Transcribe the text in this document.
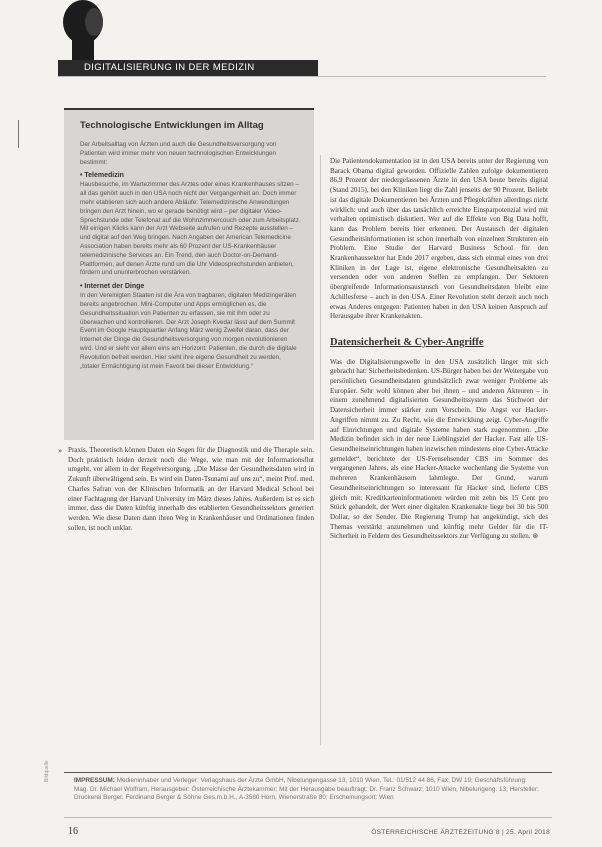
DIGITALISIERUNG IN DER MEDIZIN
Technologische Entwicklungen im Alltag

Der Arbeitsalltag von Ärzten und auch die Gesundheitsversorgung von Patienten wird immer mehr von neuen technologischen Entwicklungen bestimmt:

• Telemedizin

Hausbesuche, im Wartezimmer des Arztes oder eines Krankenhauses sitzen – all das gehört auch in den USA noch nicht der Vergangenheit an. Doch immer mehr etablieren sich auch andere Abläufe: Telemedizinische Anwendungen bringen den Arzt hinein, wo er gerade benötigt wird – per digitaler Video-Sprechstunde oder Telefonat auf die Wohnzimmercouch oder zum Arbeitsplatz. Mit einigen Klicks kann der Arzt Webseite aufrufen und Rezepte ausstellen – und digital auf den Weg bringen. Nach Angaben der American Telemedicine Association haben bereits mehr als 60 Prozent der US-Krankenhäuser telemedizinische Services an. Ein Trend, den auch Doctor-on-Demand-Plattformen, auf denen Ärzte rund um die Uhr Videosprechstunden anbieten, fördern und ununterbrochen verstärken.

• Internet der Dinge

In den Vereinigten Staaten ist die Ära von tragbaren, digitalen Medizingeräten bereits angebrochen. Mini-Computer und Apps ermöglichen es, die Gesundheitssituation von Patienten zu erfassen, sie mit ihm oder zu überwachen und kontrollieren. Der Arzt Joseph Kvedar lässt auf dem Summit Event im Google Hauptquartier Anfang März wenig Zweifel daran, dass der Internet der Dinge die Gesundheitsversorgung von morgen revolutionieren wird. Und er sieht vor allem eins am Horizont: Patienten, die durch die digitale Revolution befreit werden. Hier sieht ihre eigene Gesundheit zu werden, „totaler Ermächtigung ist mein Favorit bei dieser Entwicklung.“

» Praxis. Theoretisch können Daten ein Segen für die Diagnostik und die Therapie sein. Doch praktisch leiden derzeit noch die Wege, wie man mit der Informationsflut umgeht, vor allem in der Regelversorgung. „Die Masse der Gesundheitsdaten wird in Zukunft überwältigend sein. Es wird ein Daten-Tsunami auf uns zu“, meint Prof. med. Charles Safran von der Klinischen Informatik an der Harvard Medical School bei einer Fachtagung der Harvard University im März dieses Jahres. Außerdem ist es sich immer, dass die Daten künftig innerhalb des etablierten Gesundheitssektors generiert werden. Wie diese Daten dann ihren Weg in Krankenhäuser und Ordinationen finden sollen, ist noch unklar.

Die Patientendokumentation ist in den USA bereits unter der Regierung von Barack Obama digital geworden. Offizielle Zahlen zufolge dokumentieren 86,9 Prozent der niedergelassenen Ärzte in den USA heute bereits digital (Stand 2015), bei den Kliniken liegt die Zahl jenseits der 90 Prozent. Beliebt ist das digitale Dokumentieren bei Ärzten und Pflegekräften allerdings nicht wirklich: und auch über das tatsächlich erreichte Einsparpotenzial wird mit verhalten optimistisch diskutiert. Wer auf die Effekte von Big Data hofft, kann das Problem bereits hier erkennen. Der Austausch der digitalen Gesundheitsinformationen ist schon innerhalb von einzelnen Strukturen ein Problem. Eine Studie der Harvard Business School für den Krankenhaussektor hat Ende 2017 ergeben, dass sich einmal eines von drei Kliniken in der Lage ist, eigene elektronische Gesundheitsakten zu versenden oder von anderen Stellen zu empfangen. Der Sektoren übergreifende Informationsaustausch von Gesundheitsdaten bleibt eine Achillesferse – auch in den USA. Einer Revolution steht derzeit auch noch etwas Anderes entgegen: Patienten haben in den USA keinen Anspruch auf Herausgabe ihrer Krankenakten.

Datensicherheit & Cyber-Angriffe

Was die Digitalisierungswelle in den USA zusätzlich länger mit sich gebracht hat: Sicherheitsbedenken. US-Bürger haben bei der Weitergabe von persönlichen Gesundheitsdaten grundsätzlich zwar weniger Probleme als Europäer. Sehr wohl können aber bei ihnen – und anderen Akteuren – in einem zunehmend digitalisierten Gesundheitssystem das Stichwort der Datensicherheit immer stärker zum Vorschein. Die Angst vor Hacker-Angriffen nimmt zu. Zu Recht, wie die Entwicklung zeigt. Cyber-Angriffe auf Einrichtungen und digitale Systeme haben stark zugenommen. „Die Medizin befindet sich in der neue Lieblingsziel der Hacker. Fast alle US-Gesundheitseinrichtungen haben inzwischen mindestens eine Cyber-Attacke gemeldet“, berichtete der US-Fernsehsender CBS im Sommer des vergangenen Jahres, als eine Hacker-Attacke wochenlang die Systeme von mehreren Krankenhäusern lahmlegte. Der Grund, warum Gesundheitseinrichtungen so interessant für Hacker sind, lieferte CBS gleich mit: Kreditkarteninformationen würden mit zehn bis 15 Cent pro Stück gehandelt, der Wert einer digitalen Krankenakte liege bei 30 bis 500 Dollar, so der Sender. Die Regierung Trump hat angekündigt, sich des Themas verstärkt anzunehmen und künftig mehr Gelder für die IT-Sicherheit in Feldern des Gesundheitssektors zur Verfügung zu stellen. ⊛

IMPRESSUM: Medieninhaber und Verleger: Verlagshaus der Ärzte GmbH, Nibelungengasse 13, 1010 Wien, Tel.: 01/512 44 86, Fax: DW 19; Geschäftsführung: Mag. Dr. Michael Wolfram, Herausgeber: Österreichische Ärztekammer; Mit der Herausgabe beauftragt: Dr. Franz Schwarz; 1010 Wien, Nibelungeng. 13; Hersteller: Druckerei Berger, Ferdinand Berger & Söhne Ges.m.b.H., A-3580 Horn, Wienerstraße 80; Erscheinungsort: Wien
Bildquelle
16	ÖSTERREICHISCHE ÄRZTEZEITUNG 8 | 25. April 2018
